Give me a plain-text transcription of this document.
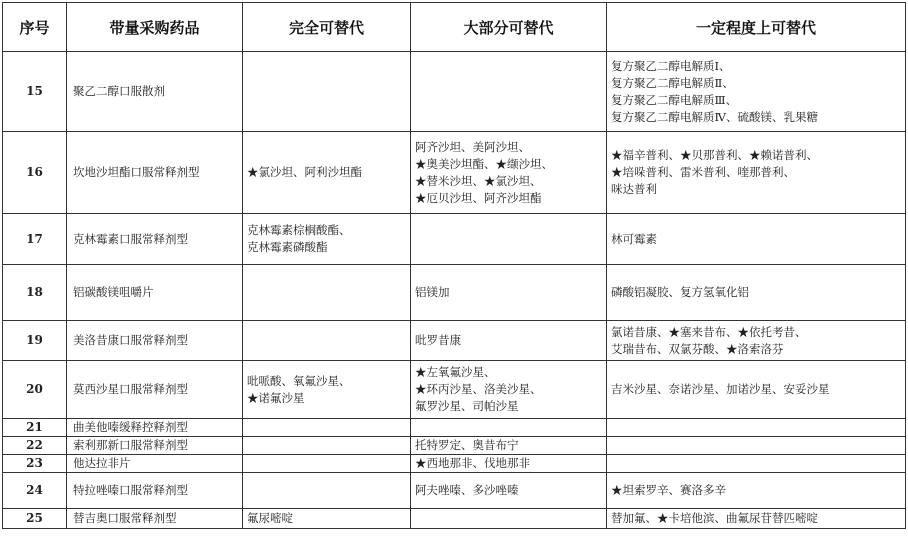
序号	带量采购药品	完全可替代	大部分可替代	一定程度上可替代
15	聚乙二醇口服散剂			复方聚乙二醇电解质Ⅰ、
复方聚乙二醇电解质Ⅱ、
复方聚乙二醇电解质Ⅲ、
复方聚乙二醇电解质Ⅳ、硫酸镁、乳果糖

16	坎地沙坦酯口服常释剂型	★氯沙坦、阿利沙坦酯	阿齐沙坦、美阿沙坦、
★奥美沙坦酯、★缬沙坦、
★替米沙坦、★氯沙坦、
★厄贝沙坦、阿齐沙坦酯	★福辛普利、★贝那普利、★赖诺普利、
★培哚普利、雷米普利、喹那普利、
咪达普利

17	克林霉素口服常释剂型	克林霉素棕榈酸酯、
克林霉素磷酸酯		林可霉素

18	铝碳酸镁咀嚼片		铝镁加	磷酸铝凝胶、复方氢氧化铝

19	美洛昔康口服常释剂型		吡罗昔康	氯诺昔康、★塞来昔布、★依托考昔、
艾瑞昔布、双氯芬酸、★洛索洛芬

20	莫西沙星口服常释剂型	吡哌酸、氧氟沙星、
★诺氟沙星	★左氧氟沙星、
★环丙沙星、洛美沙星、
氟罗沙星、司帕沙星	吉米沙星、奈诺沙星、加诺沙星、安妥沙星

21	曲美他嗪缓释控释剂型			
22	索利那新口服常释剂型		托特罗定、奥昔布宁	

23	他达拉非片		★西地那非、伐地那非	

24	特拉唑嗪口服常释剂型		阿夫唑嗪、多沙唑嗪	★坦索罗辛、赛洛多辛

25	替吉奥口服常释剂型	氟尿嘧啶		替加氟、★卡培他滨、曲氟尿苷替匹嘧啶
